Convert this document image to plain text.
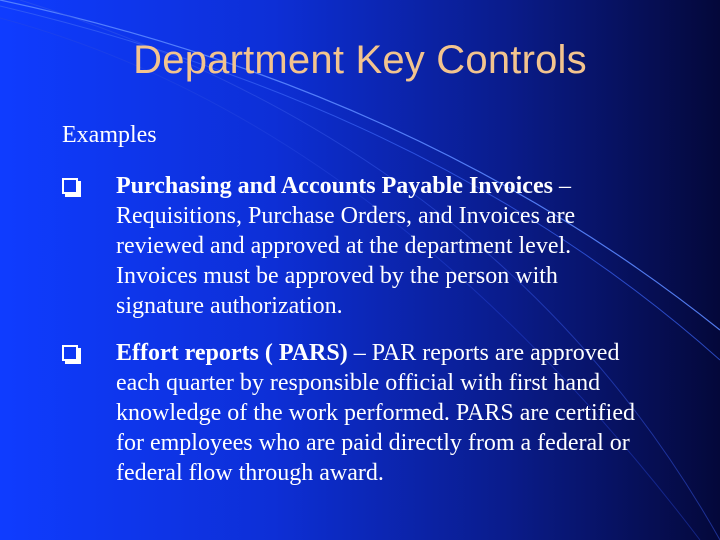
Department Key Controls
Examples
Purchasing and Accounts Payable Invoices – Requisitions, Purchase Orders, and Invoices are reviewed and approved at the department level. Invoices must be approved by the person with signature authorization.
Effort reports ( PARS) – PAR reports are approved each quarter by responsible official with first hand knowledge of the work performed. PARS are certified for employees who are paid directly from a federal or federal flow through award.
